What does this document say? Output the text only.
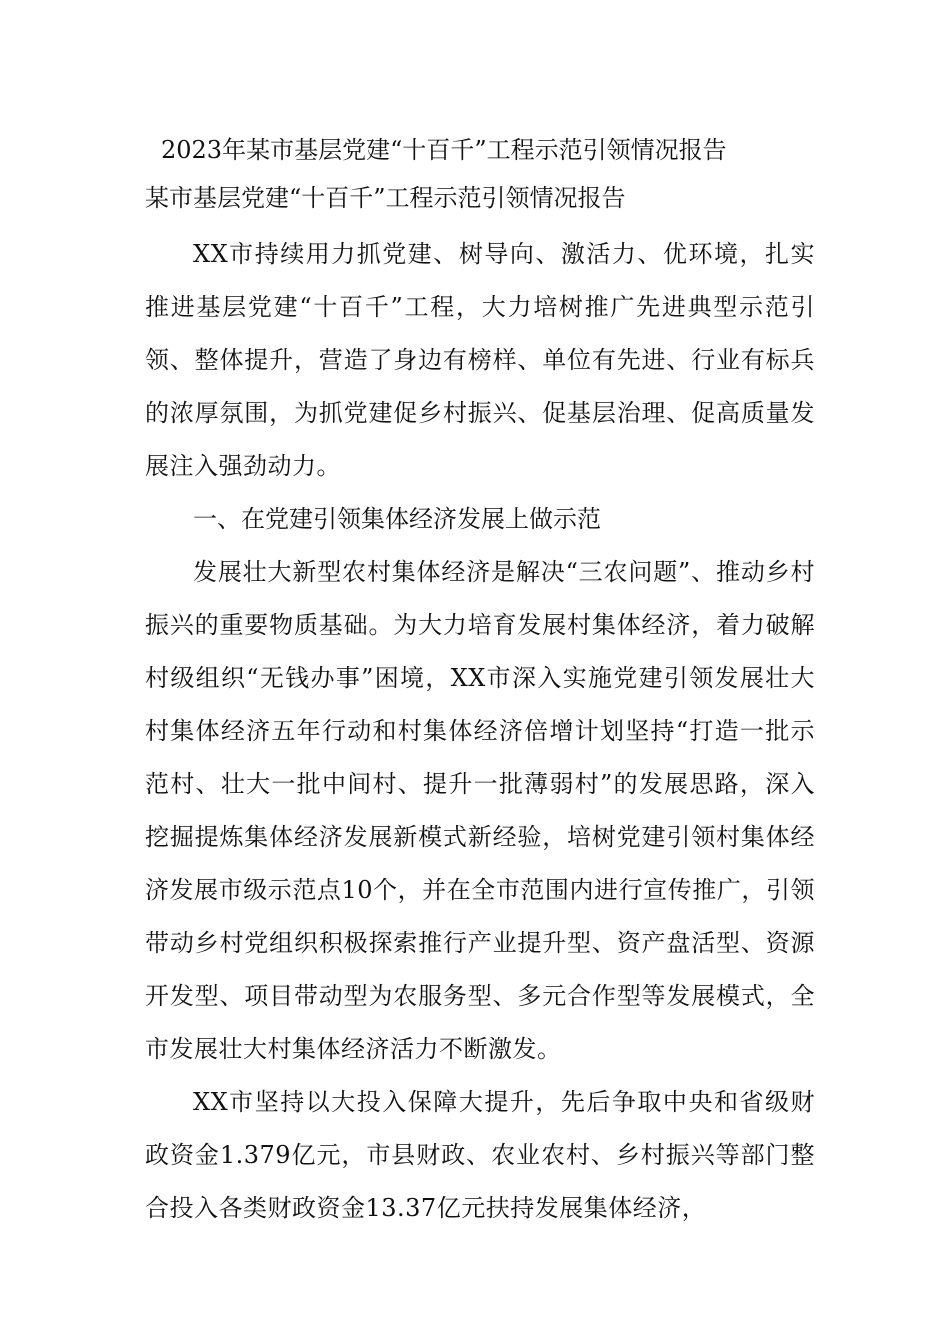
2023年某市基层党建“十百千”工程示范引领情况报告
某市基层党建“十百千”工程示范引领情况报告

XX市持续用力抓党建、树导向、激活力、优环境，扎实推进基层党建“十百千”工程，大力培树推广先进典型示范引领、整体提升，营造了身边有榜样、单位有先进、行业有标兵的浓厚氛围，为抓党建促乡村振兴、促基层治理、促高质量发展注入强劲动力。

一、在党建引领集体经济发展上做示范

发展壮大新型农村集体经济是解决“三农问题”、推动乡村振兴的重要物质基础。为大力培育发展村集体经济，着力破解村级组织“无钱办事”困境，XX市深入实施党建引领发展壮大村集体经济五年行动和村集体经济倍增计划坚持“打造一批示范村、壮大一批中间村、提升一批薄弱村”的发展思路，深入挖掘提炼集体经济发展新模式新经验，培树党建引领村集体经济发展市级示范点10个，并在全市范围内进行宣传推广，引领带动乡村党组织积极探索推行产业提升型、资产盘活型、资源开发型、项目带动型为农服务型、多元合作型等发展模式，全市发展壮大村集体经济活力不断激发。

XX市坚持以大投入保障大提升，先后争取中央和省级财政资金1.379亿元，市县财政、农业农村、乡村振兴等部门整合投入各类财政资金13.37亿元扶持发展集体经济，
